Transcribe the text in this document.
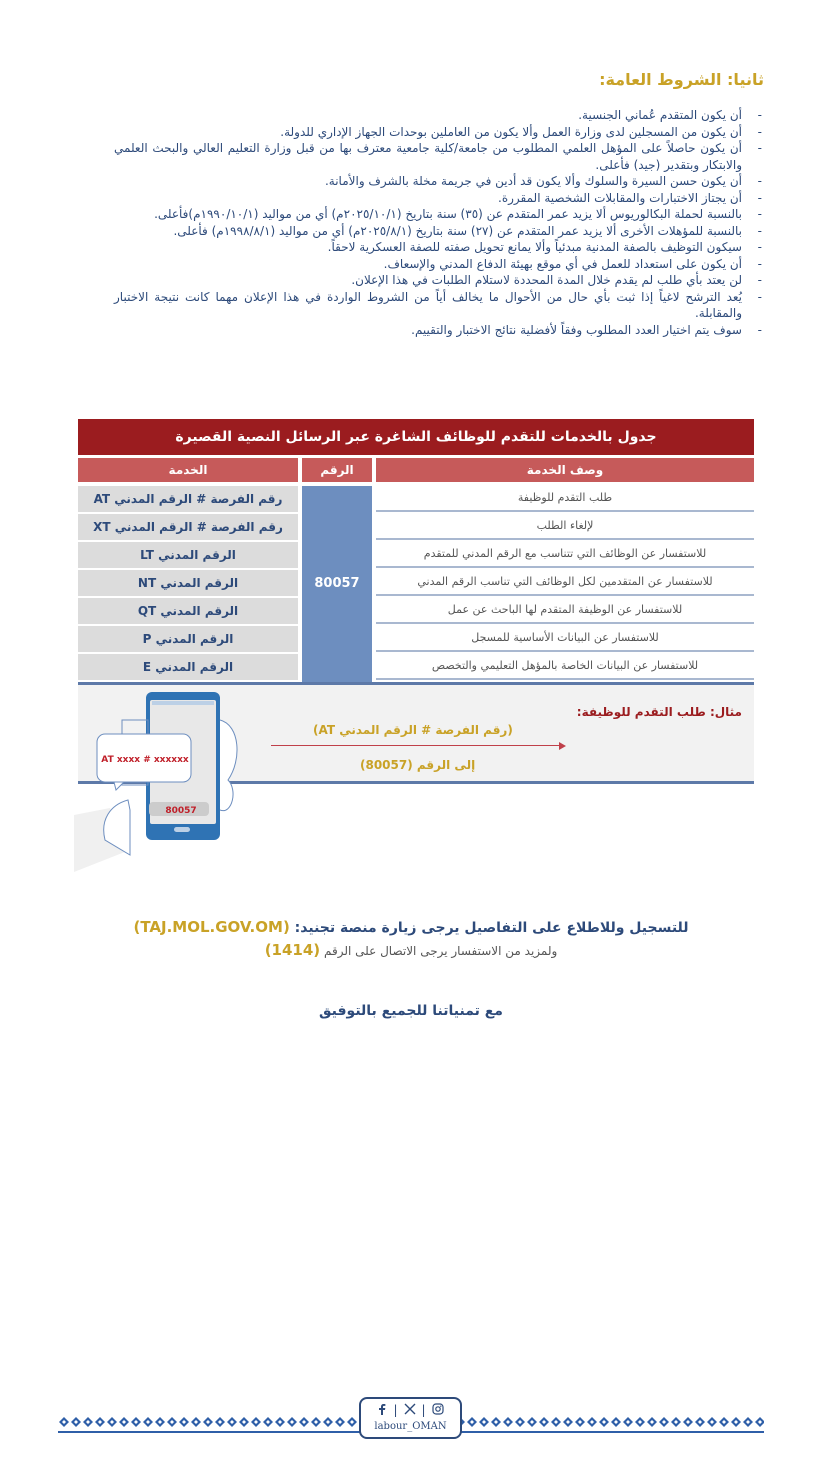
ثانيا: الشروط العامة:
- أن يكون المتقدم عُماني الجنسية.
- أن يكون من المسجلين لدى وزارة العمل وألا يكون من العاملين بوحدات الجهاز الإداري للدولة.
- أن يكون حاصلاً على المؤهل العلمي المطلوب من جامعة/كلية جامعية معترف بها من قبل وزارة التعليم العالي والبحث العلمي والابتكار وبتقدير (جيد) فأعلى.
- أن يكون حسن السيرة والسلوك وألا يكون قد أدين في جريمة مخلة بالشرف والأمانة.
- أن يجتاز الاختبارات والمقابلات الشخصية المقررة.
- بالنسبة لحملة البكالوريوس ألا يزيد عمر المتقدم عن (٣٥) سنة بتاريخ (٢٠٢٥/١٠/١م) أي من مواليد (١٩٩٠/١٠/١م)فأعلى.
- بالنسبة للمؤهلات الأخرى ألا يزيد عمر المتقدم عن (٢٧) سنة بتاريخ (٢٠٢٥/٨/١م) أي من مواليد (١٩٩٨/٨/١م) فأعلى.
- سيكون التوظيف بالصفة المدنية مبدئياً وألا يمانع تحويل صفته للصفة العسكرية لاحقاً.
- أن يكون على استعداد للعمل في أي موقع بهيئة الدفاع المدني والإسعاف.
- لن يعتد بأي طلب لم يقدم خلال المدة المحددة لاستلام الطلبات في هذا الإعلان.
- يُعد الترشح لاغياً إذا ثبت بأي حال من الأحوال ما يخالف أياً من الشروط الواردة في هذا الإعلان مهما كانت نتيجة الاختبار والمقابلة.
- سوف يتم اختيار العدد المطلوب وفقاً لأفضلية نتائج الاختبار والتقييم.
جدول بالخدمات للتقدم للوظائف الشاغرة عبر الرسائل النصية القصيرة
وصف الخدمة
الرقم
الخدمة
طلب التقدم للوظيفة
رقم الفرصة # الرقم المدني AT
لإلغاء الطلب
رقم الفرصة # الرقم المدني XT
للاستفسار عن الوظائف التي تتناسب مع الرقم المدني للمتقدم
الرقم المدني LT
للاستفسار عن المتقدمين لكل الوظائف التي تناسب الرقم المدني
الرقم المدني NT
للاستفسار عن الوظيفة المتقدم لها الباحث عن عمل
الرقم المدني QT
للاستفسار عن البيانات الأساسية للمسجل
الرقم المدني P
للاستفسار عن البيانات الخاصة بالمؤهل التعليمي والتخصص
الرقم المدني E
80057
مثال: طلب التقدم للوظيفة:
(رقم الفرصة # الرقم المدني AT)
إلى الرقم (80057)
AT xxxx # xxxxxx
80057
للتسجيل وللاطلاع على التفاصيل يرجى زيارة منصة تجنيد: (TAJ.MOL.GOV.OM)
ولمزيد من الاستفسار يرجى الاتصال على الرقم (1414)
مع تمنياتنا للجميع بالتوفيق
| |
labour_OMAN
